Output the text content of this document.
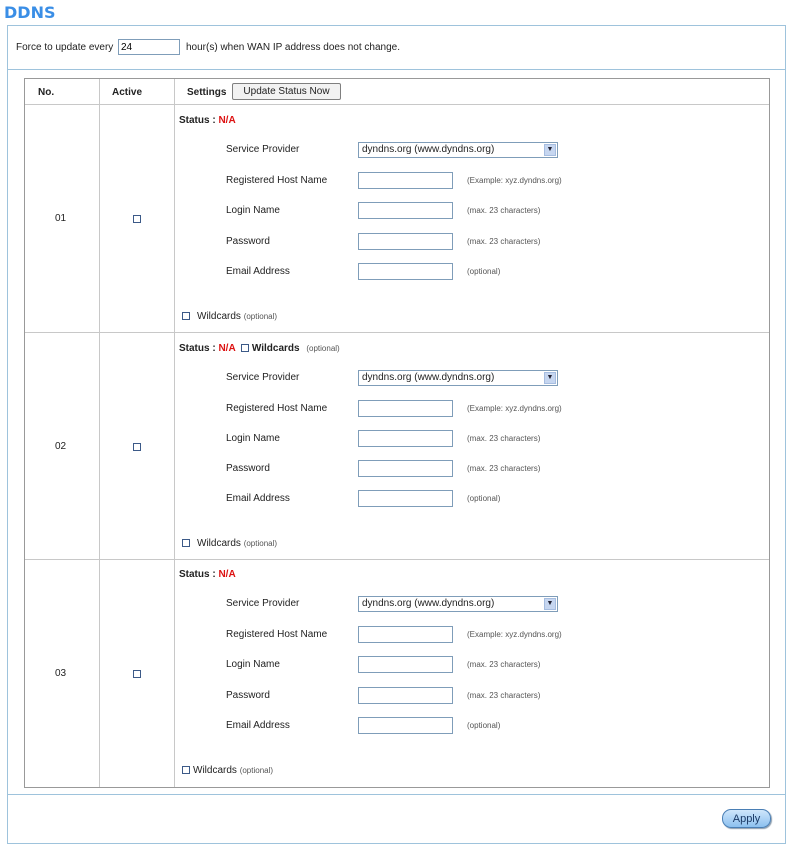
DDNS
Force to update every
24	hour(s) when WAN IP address does not change.
No.	Active	Settings	Update Status Now
01
Status : N/A
Service Provider	dyndns.org (www.dyndns.org)	▼
Registered Host Name	(Example: xyz.dyndns.org)
Login Name	(max. 23 characters)
Password	(max. 23 characters)
Email Address	(optional)
Wildcards (optional)
02
Status : N/A Wildcards (optional)
Service Provider	dyndns.org (www.dyndns.org)	▼
Registered Host Name	(Example: xyz.dyndns.org)
Login Name	(max. 23 characters)
Password	(max. 23 characters)
Email Address	(optional)
Wildcards (optional)
03
Status : N/A
Service Provider	dyndns.org (www.dyndns.org)	▼
Registered Host Name	(Example: xyz.dyndns.org)
Login Name	(max. 23 characters)
Password	(max. 23 characters)
Email Address	(optional)
Wildcards (optional)
Apply
